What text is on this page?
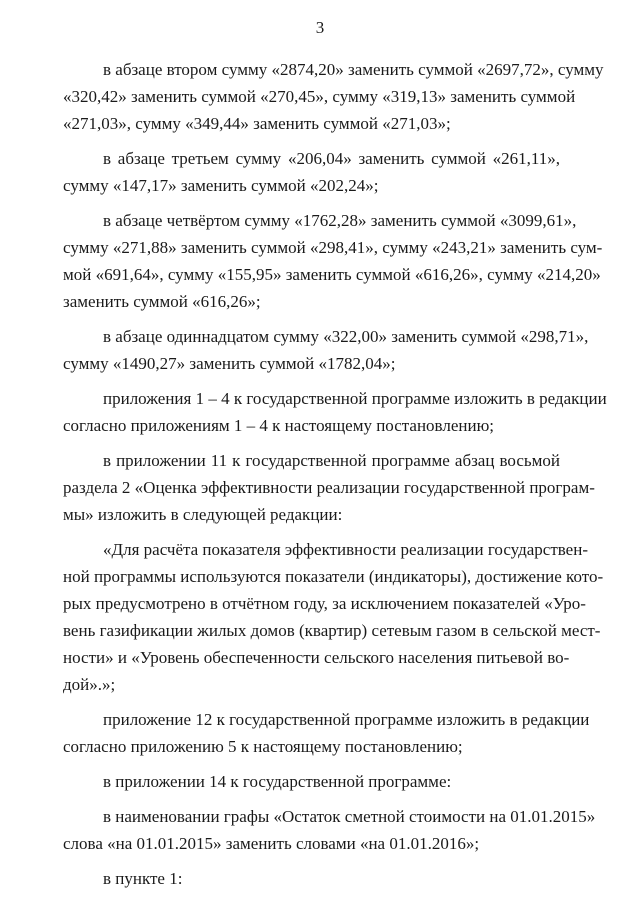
3
в абзаце втором сумму «2874,20» заменить суммой «2697,72», сумму
«320,42» заменить суммой «270,45», сумму «319,13» заменить суммой
«271,03», сумму «349,44» заменить суммой «271,03»;
в абзаце третьем сумму «206,04» заменить суммой «261,11»,
сумму «147,17» заменить суммой «202,24»;
в абзаце четвёртом сумму «1762,28» заменить суммой «3099,61»,
сумму «271,88» заменить суммой «298,41», сумму «243,21» заменить сум-
мой «691,64», сумму «155,95» заменить суммой «616,26», сумму «214,20»
заменить суммой «616,26»;
в абзаце одиннадцатом сумму «322,00» заменить суммой «298,71»,
сумму «1490,27» заменить суммой «1782,04»;
приложения 1 – 4 к государственной программе изложить в редакции
согласно приложениям 1 – 4 к настоящему постановлению;
в приложении 11 к государственной программе абзац восьмой
раздела 2 «Оценка эффективности реализации государственной програм-
мы» изложить в следующей редакции:
«Для расчёта показателя эффективности реализации государствен-
ной программы используются показатели (индикаторы), достижение кото-
рых предусмотрено в отчётном году, за исключением показателей «Уро-
вень газификации жилых домов (квартир) сетевым газом в сельской мест-
ности» и «Уровень обеспеченности сельского населения питьевой во-
дой».»;
приложение 12 к государственной программе изложить в редакции
согласно приложению 5 к настоящему постановлению;
в приложении 14 к государственной программе:
в наименовании графы «Остаток сметной стоимости на 01.01.2015»
слова «на 01.01.2015» заменить словами «на 01.01.2016»;
в пункте 1:
